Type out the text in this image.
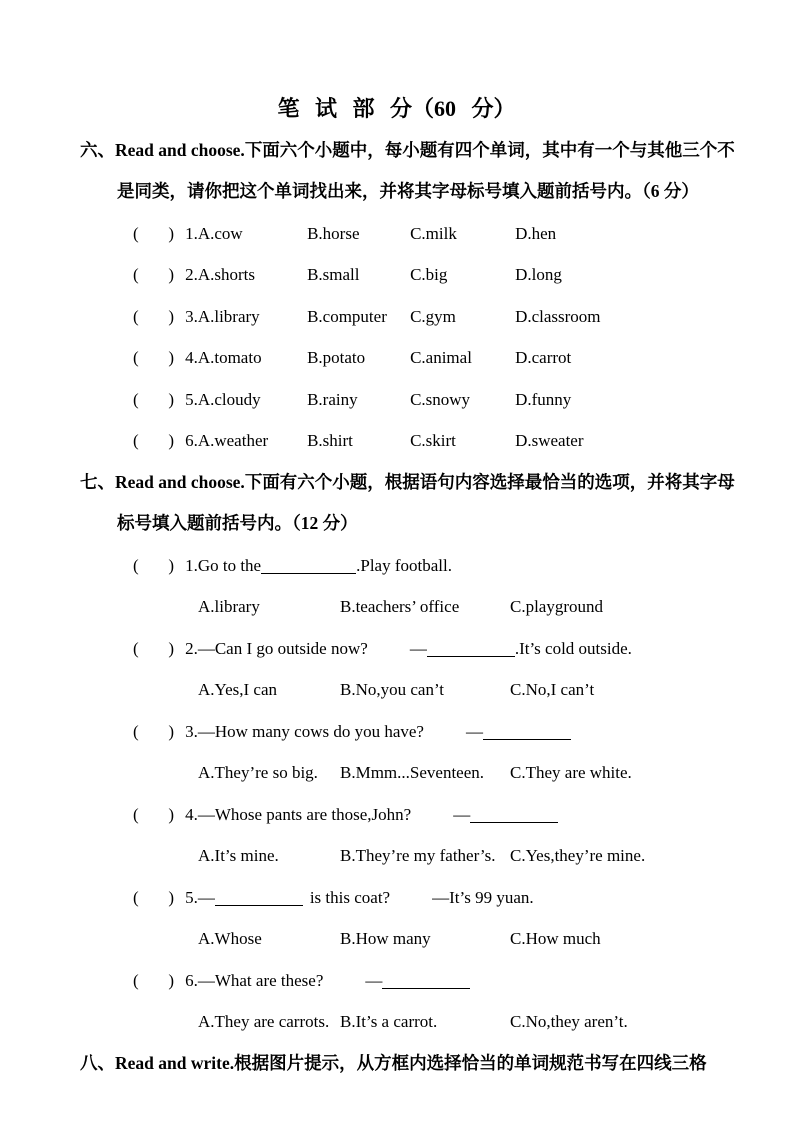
笔 试 部 分（60 分）

六、Read and choose.下面六个小题中，每小题有四个单词，其中有一个与其他三个不

是同类，请你把这个单词找出来，并将其字母标号填入题前括号内。（6 分）

(       ) 1.A.cow	B.horse	C.milk	D.hen

(       ) 2.A.shorts	B.small	C.big	D.long

(       ) 3.A.library	B.computer C.gym	D.classroom

(       ) 4.A.tomato	B.potato	C.animal	D.carrot

(       ) 5.A.cloudy	B.rainy	C.snowy	D.funny

(       ) 6.A.weather B.shirt	C.skirt	D.sweater

七、Read and choose.下面有六个小题，根据语句内容选择最恰当的选项，并将其字母

标号填入题前括号内。（12 分）

(       ) 1.Go to the	.Play football.

A.library	B.teachers’ office	C.playground

(       ) 2.—Can I go outside now? —	.It’s cold outside.

A.Yes,I can	B.No,you can’t	C.No,I can’t

(       ) 3.—How many cows do you have? —

A.They’re so big. B.Mmm...Seventeen. C.They are white.

(       ) 4.—Whose pants are those,John? —

A.It’s mine.	B.They’re my father’s. C.Yes,they’re mine.

(       ) 5.—	is this coat? —It’s 99 yuan.

A.Whose	B.How many	C.How much

(       ) 6.—What are these? —

A.They are carrots. B.It’s a carrot.	C.No,they aren’t.

八、Read and write.根据图片提示，从方框内选择恰当的单词规范书写在四线三格
